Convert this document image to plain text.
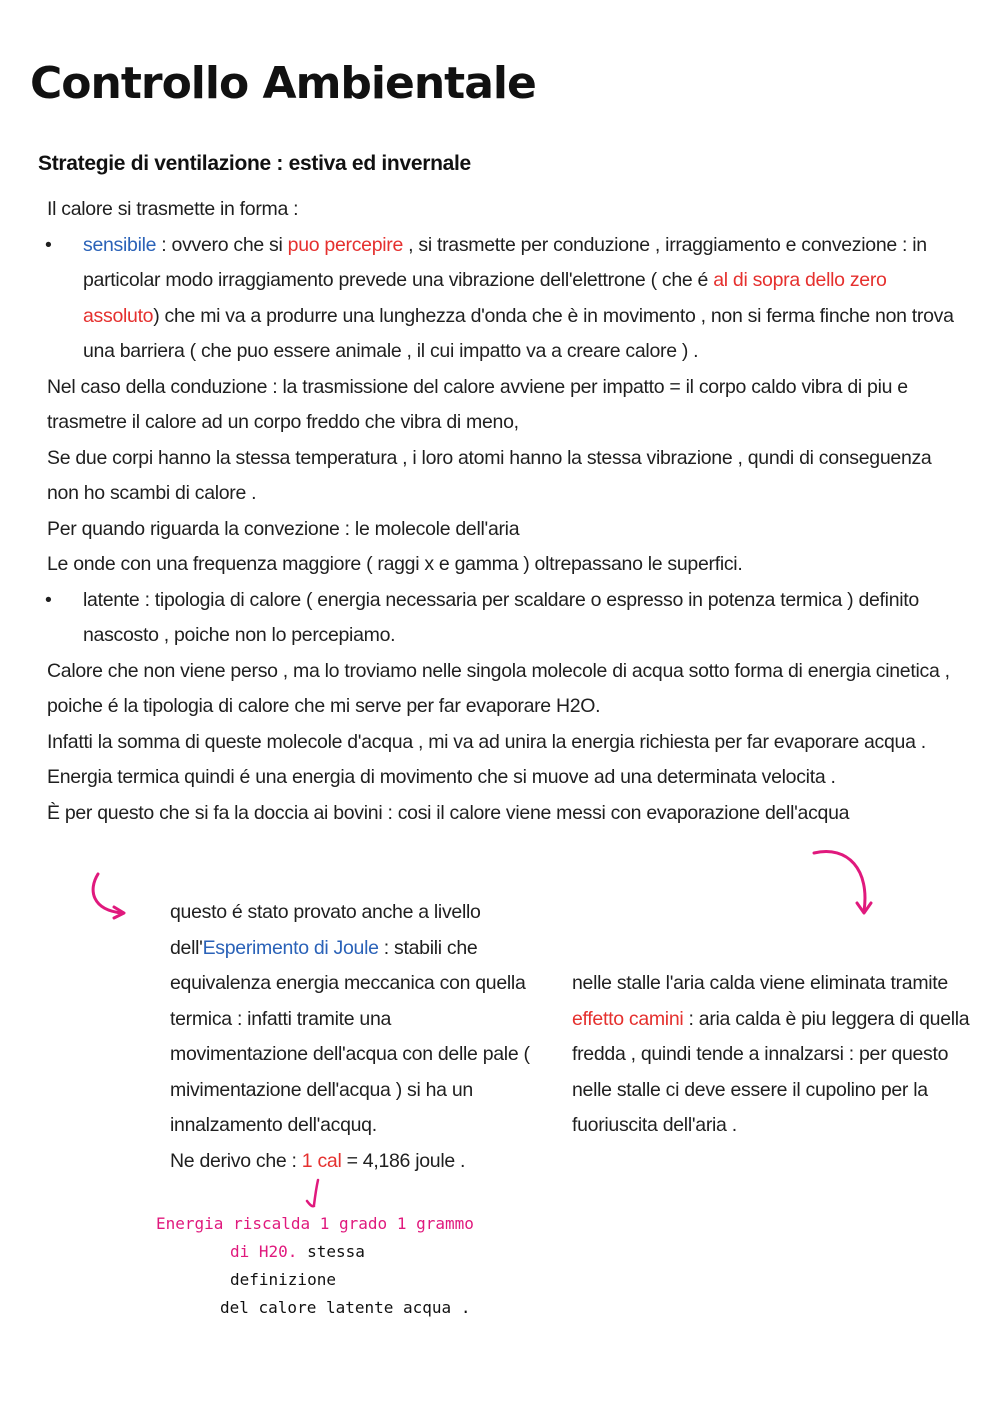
Controllo Ambientale
Strategie di ventilazione : estiva ed invernale

Il calore si trasmette in forma :

• sensibile : ovvero che si puo percepire , si trasmette per conduzione , irraggiamento e convezione : in particolar modo irraggiamento prevede una vibrazione dell'elettrone ( che é al di sopra dello zero assoluto) che mi va a produrre una lunghezza d'onda che è in movimento , non si ferma finche non trova una barriera ( che puo essere animale , il cui impatto va a creare calore ) .

Nel caso della conduzione : la trasmissione del calore avviene per impatto = il corpo caldo vibra di piu e trasmetre il calore ad un corpo freddo che vibra di meno,

Se due corpi hanno la stessa temperatura , i loro atomi hanno la stessa vibrazione , qundi di conseguenza non ho scambi di calore .

Per quando riguarda la convezione : le molecole dell'aria

Le onde con una frequenza maggiore ( raggi x e gamma ) oltrepassano le superfici.

• latente : tipologia di calore ( energia necessaria per scaldare o espresso in potenza termica ) definito nascosto , poiche non lo percepiamo.

Calore che non viene perso , ma lo troviamo nelle singola molecole di acqua sotto forma di energia cinetica , poiche é la tipologia di calore che mi serve per far evaporare H2O.

Infatti la somma di queste molecole d'acqua , mi va ad unira la energia richiesta per far evaporare acqua .

Energia termica quindi é una energia di movimento che si muove ad una determinata velocita .

È per questo che si fa la doccia ai bovini : cosi il calore viene messi con evaporazione dell'acqua

questo é stato provato anche a livello dell'Esperimento di Joule : stabili che equivalenza energia meccanica con quella termica : infatti tramite una movimentazione dell'acqua con delle pale ( mivimentazione dell'acqua ) si ha un innalzamento dell'acquq.

Ne derivo che : 1 cal = 4,186 joule .

nelle stalle l'aria calda viene eliminata tramite effetto camini : aria calda è piu leggera di quella fredda , quindi tende a innalzarsi : per questo nelle stalle ci deve essere il cupolino per la fuoriuscita dell'aria .

Energia riscalda 1 grado 1 grammo
di H20. stessa definizione
del calore latente acqua .
